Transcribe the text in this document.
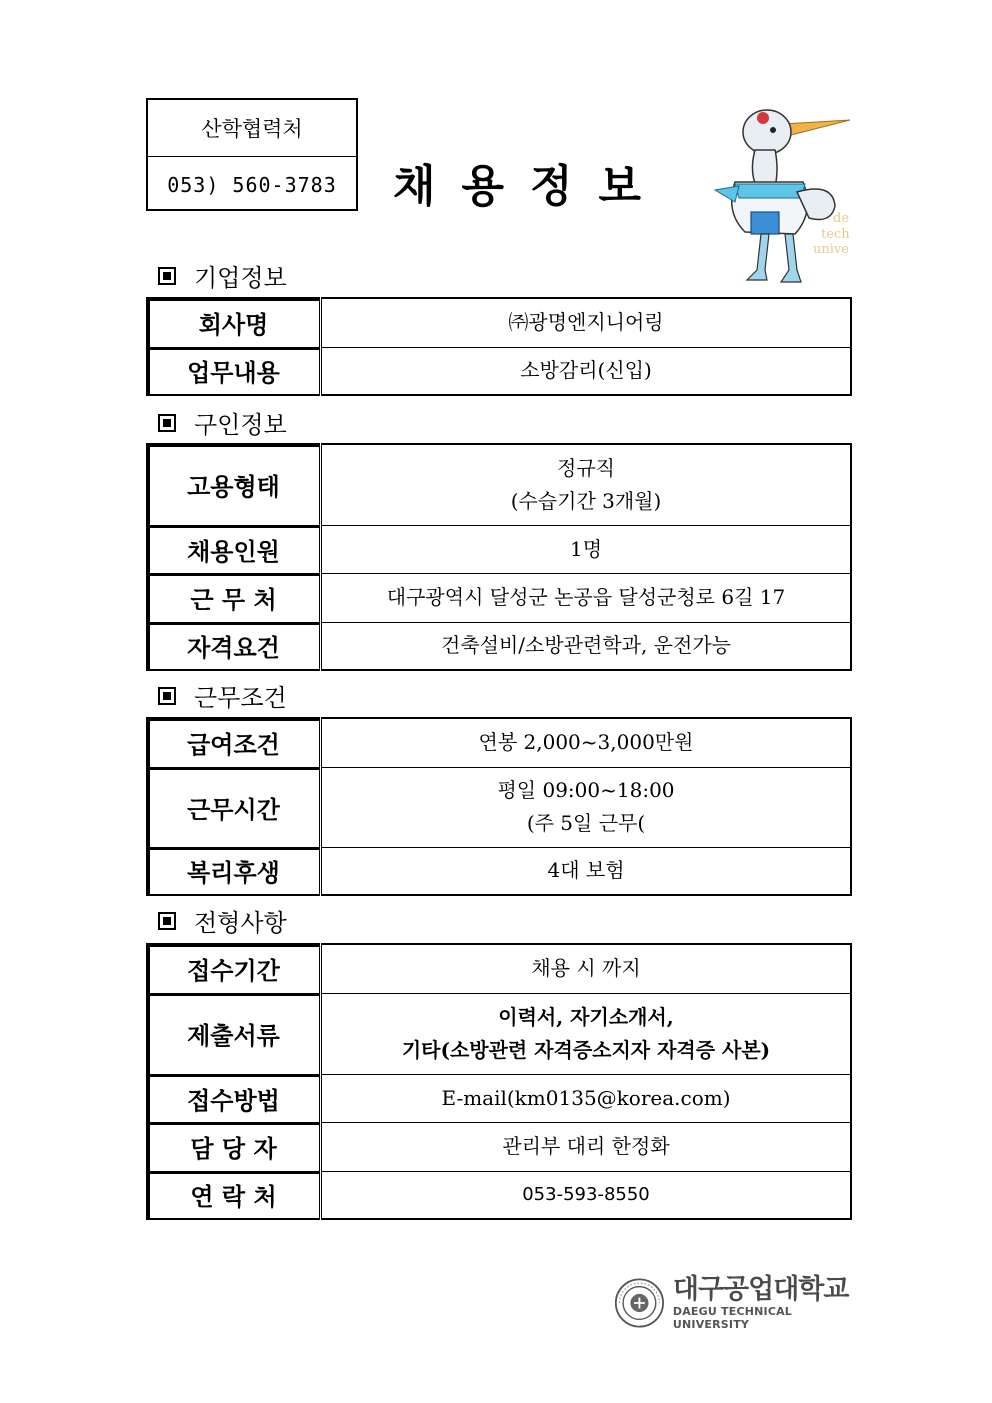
산학협력처
053) 560-3783	채용정보
de
tech
unive
기업정보
회사명	㈜광명엔지니어링
업무내용	소방감리(신입)
구인정보
고용형태	정규직
(수습기간 3개월)

채용인원	1명
근 무 처	대구광역시 달성군 논공읍 달성군청로 6길 17
자격요건	건축설비/소방관련학과, 운전가능
근무조건
급여조건	연봉 2,000~3,000만원
근무시간	평일 09:00~18:00
(주 5일 근무(

복리후생	4대 보험
전형사항
접수기간	채용 시 까지
제출서류	이력서, 자기소개서,
기타(소방관련 자격증소지자 자격증 사본)

접수방법	E-mail(km0135@korea.com)
담 당 자	관리부 대리 한정화
연 락 처	053-593-8550
대구공업대학교
DAEGU TECHNICAL UNIVERSITY
